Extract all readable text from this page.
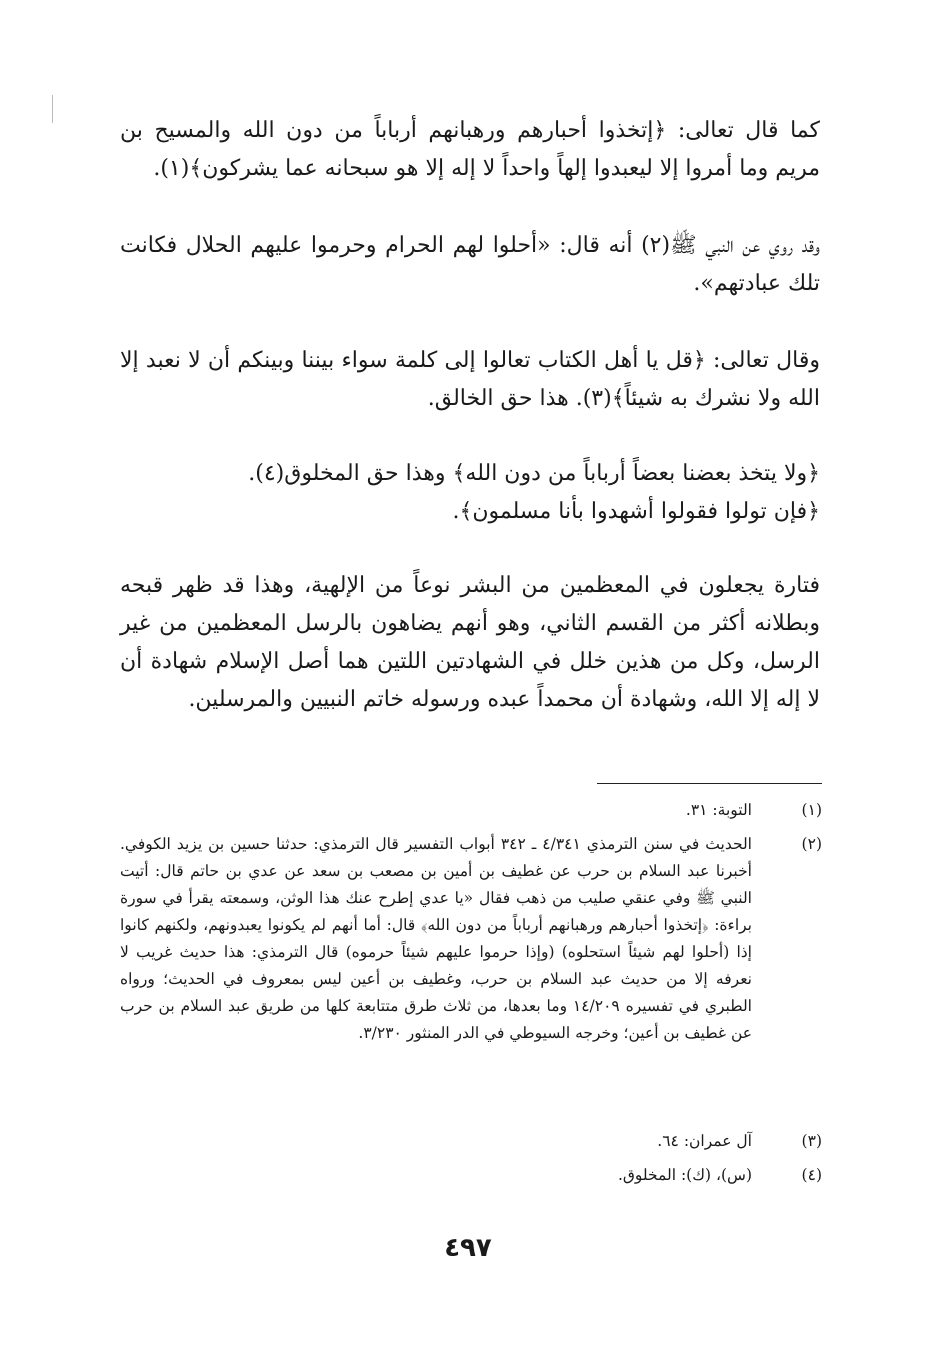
كما قال تعالى: ﴿إتخذوا أحبارهم ورهبانهم أرباباً من دون الله والمسيح بن مريم وما أمروا إلا ليعبدوا إلهاً واحداً لا إله إلا هو سبحانه عما يشركون﴾(١).

وقد روي عن النبي ﷺ(٢) أنه قال: «أحلوا لهم الحرام وحرموا عليهم الحلال فكانت تلك عبادتهم».

وقال تعالى: ﴿قل يا أهل الكتاب تعالوا إلى كلمة سواء بيننا وبينكم أن لا نعبد إلا الله ولا نشرك به شيئاً﴾(٣). هذا حق الخالق.

﴿ولا يتخذ بعضنا بعضاً أرباباً من دون الله﴾ وهذا حق المخلوق(٤).

﴿فإن تولوا فقولوا أشهدوا بأنا مسلمون﴾.

فتارة يجعلون في المعظمين من البشر نوعاً من الإلهية، وهذا قد ظهر قبحه وبطلانه أكثر من القسم الثاني، وهو أنهم يضاهون بالرسل المعظمين من غير الرسل، وكل من هذين خلل في الشهادتين اللتين هما أصل الإسلام شهادة أن لا إله إلا الله، وشهادة أن محمداً عبده ورسوله خاتم النبيين والمرسلين.

(١)
التوبة: ٣١.
(٢)
الحديث في سنن الترمذي ٤/٣٤١ ـ ٣٤٢ أبواب التفسير قال الترمذي: حدثنا حسين بن يزيد الكوفي. أخبرنا عبد السلام بن حرب عن غطيف بن أمين بن مصعب بن سعد عن عدي بن حاتم قال: أتيت النبي ﷺ وفي عنقي صليب من ذهب فقال «يا عدي إطرح عنك هذا الوثن، وسمعته يقرأ في سورة براءة: ﴿إتخذوا أحبارهم ورهبانهم أرباباً من دون الله﴾ قال: أما أنهم لم يكونوا يعبدونهم، ولكنهم كانوا إذا (أحلوا لهم شيئاً استحلوه) (وإذا حرموا عليهم شيئاً حرموه) قال الترمذي: هذا حديث غريب لا نعرفه إلا من حديث عبد السلام بن حرب، وغطيف بن أعين ليس بمعروف في الحديث؛ ورواه الطبري في تفسيره ١٤/٢٠٩ وما بعدها، من ثلاث طرق متتابعة كلها من طريق عبد السلام بن حرب عن غطيف بن أعين؛ وخرجه السيوطي في الدر المنثور ٣/٢٣٠.
(٣)
آل عمران: ٦٤.
(٤)
(س)، (ك): المخلوق.
٤٩٧
